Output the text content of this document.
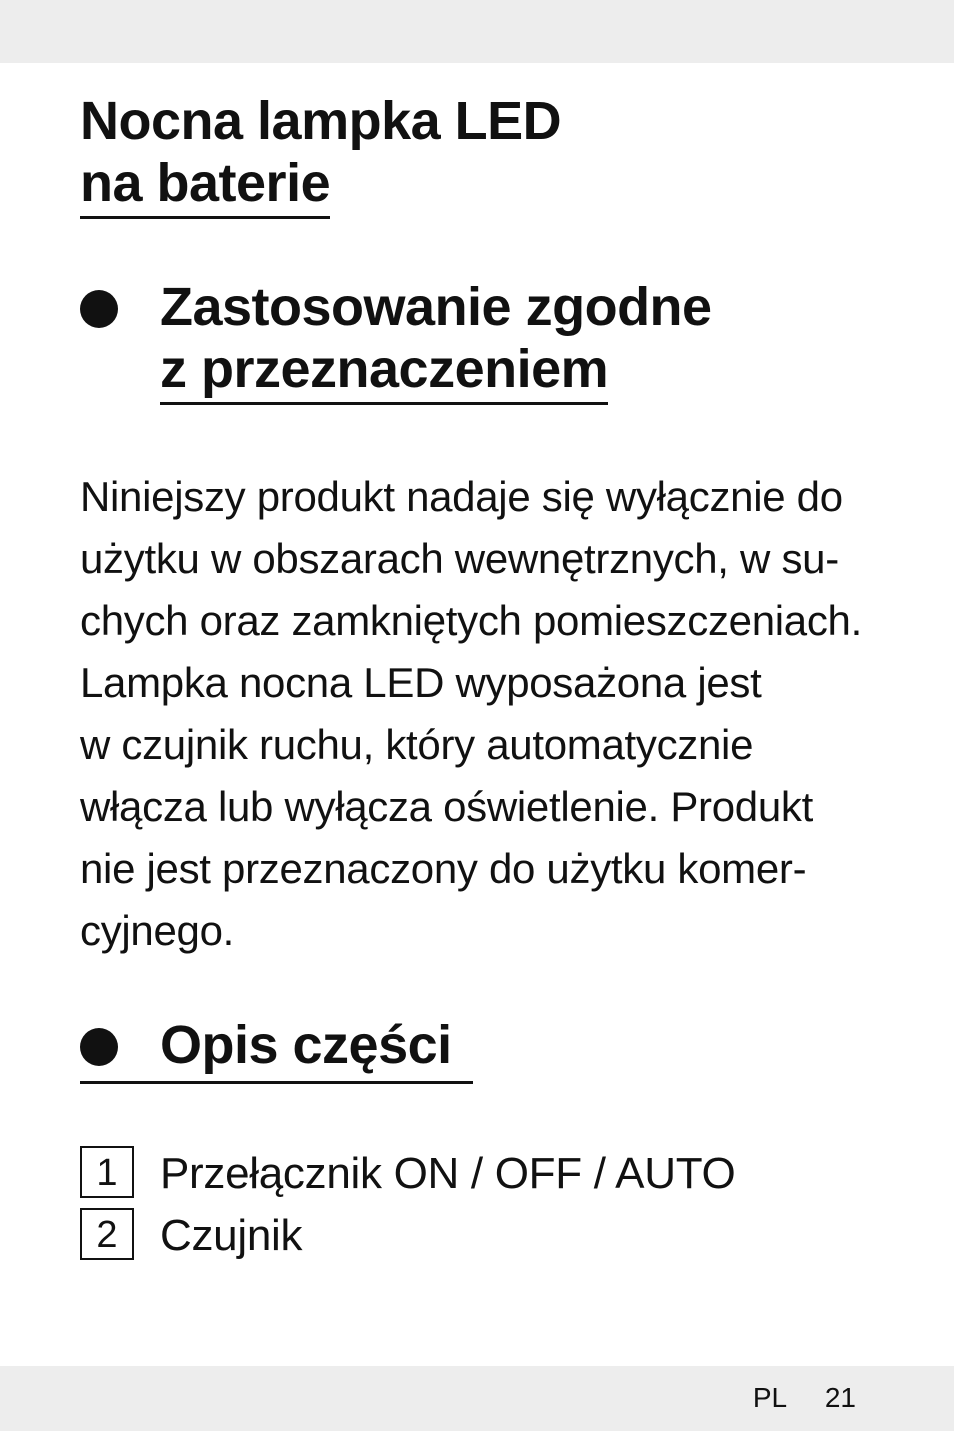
Nocna lampka LED
na baterie
Zastosowanie zgodne
z przeznaczeniem

Niniejszy produkt nadaje się wyłącznie do
użytku w obszarach wewnętrznych, w su-
chych oraz zamkniętych pomieszczeniach.
Lampka nocna LED wyposażona jest
w czujnik ruchu, który automatycznie
włącza lub wyłącza oświetlenie. Produkt
nie jest przeznaczony do użytku komer-
cyjnego.

Opis części
1 Przełącznik ON / OFF / AUTO
2 Czujnik
PL 21
